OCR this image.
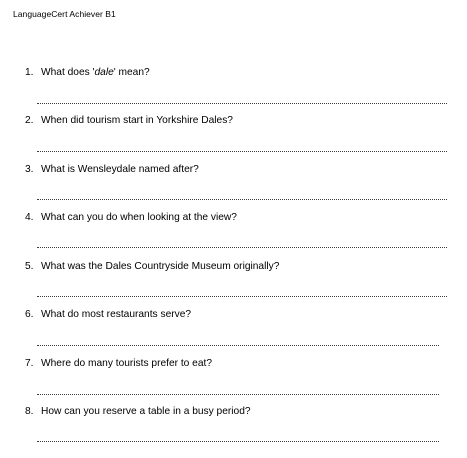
LanguageCert Achiever B1
1. What does 'dale' mean?
2. When did tourism start in Yorkshire Dales?
3. What is Wensleydale named after?
4. What can you do when looking at the view?
5. What was the Dales Countryside Museum originally?
6. What do most restaurants serve?
7. Where do many tourists prefer to eat?
8. How can you reserve a table in a busy period?
